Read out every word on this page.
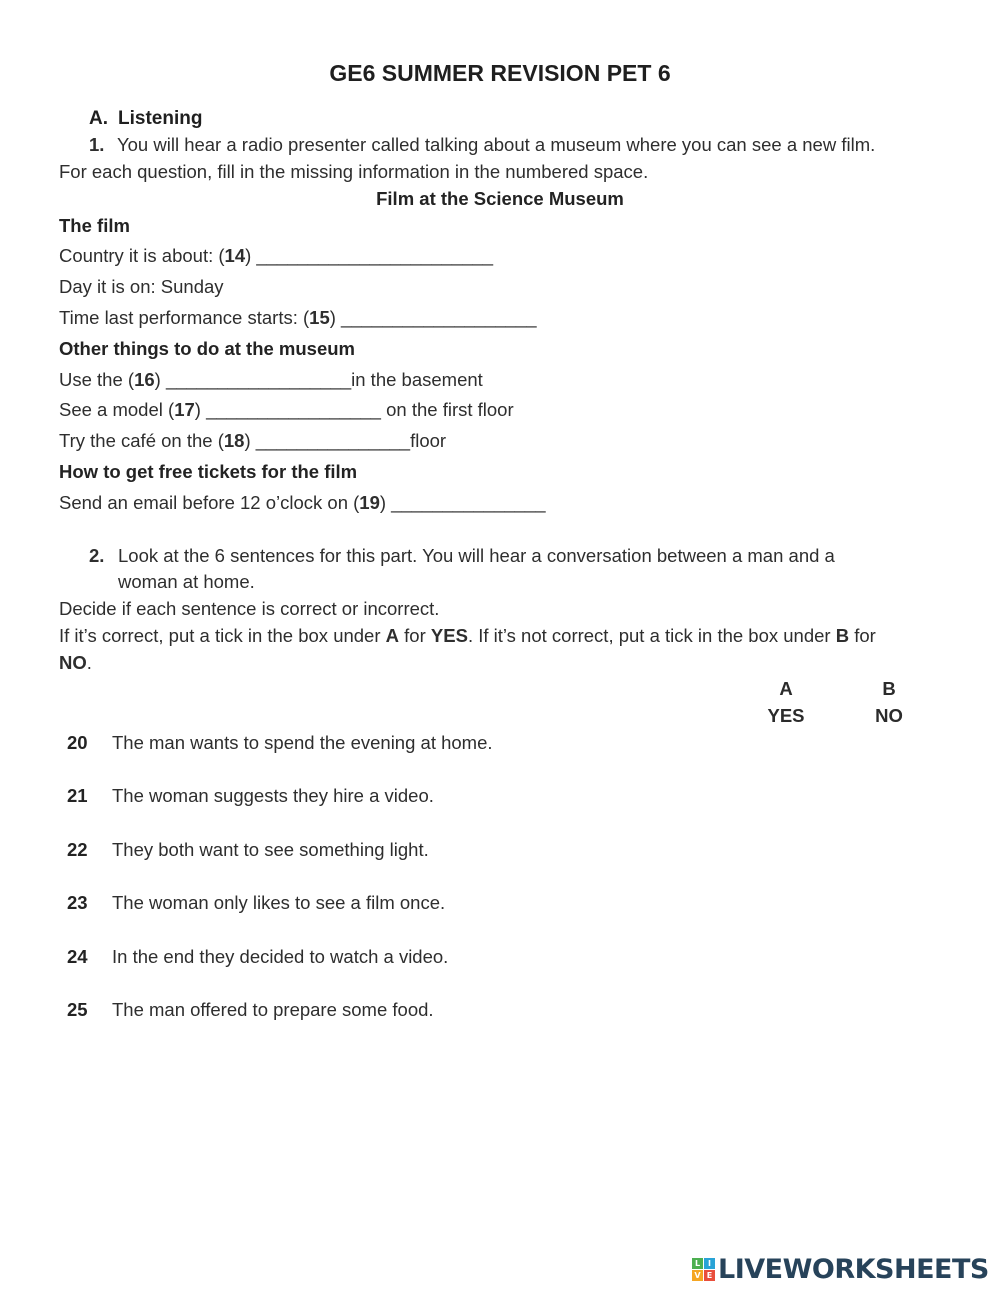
GE6 SUMMER REVISION PET 6
A. Listening
1. You will hear a radio presenter called talking about a museum where you can see a new film.
For each question, fill in the missing information in the numbered space.
Film at the Science Museum
The film
Country it is about: (14) _______________________
Day it is on: Sunday
Time last performance starts: (15) ___________________
Other things to do at the museum
Use the (16) __________________in the basement
See a model (17) _________________ on the first floor
Try the café on the (18) _______________floor
How to get free tickets for the film
Send an email before 12 o’clock on (19) _______________
2. Look at the 6 sentences for this part. You will hear a conversation between a man and a
woman at home.
Decide if each sentence is correct or incorrect.
If it’s correct, put a tick in the box under A for YES. If it’s not correct, put a tick in the box under B for
NO.
A
YES
B
NO
20	The man wants to spend the evening at home.
21	The woman suggests they hire a video.
22	They both want to see something light.
23	The woman only likes to see a film once.
24	In the end they decided to watch a video.
25	The man offered to prepare some food.
L I
V E LIVEWORKSHEETS
